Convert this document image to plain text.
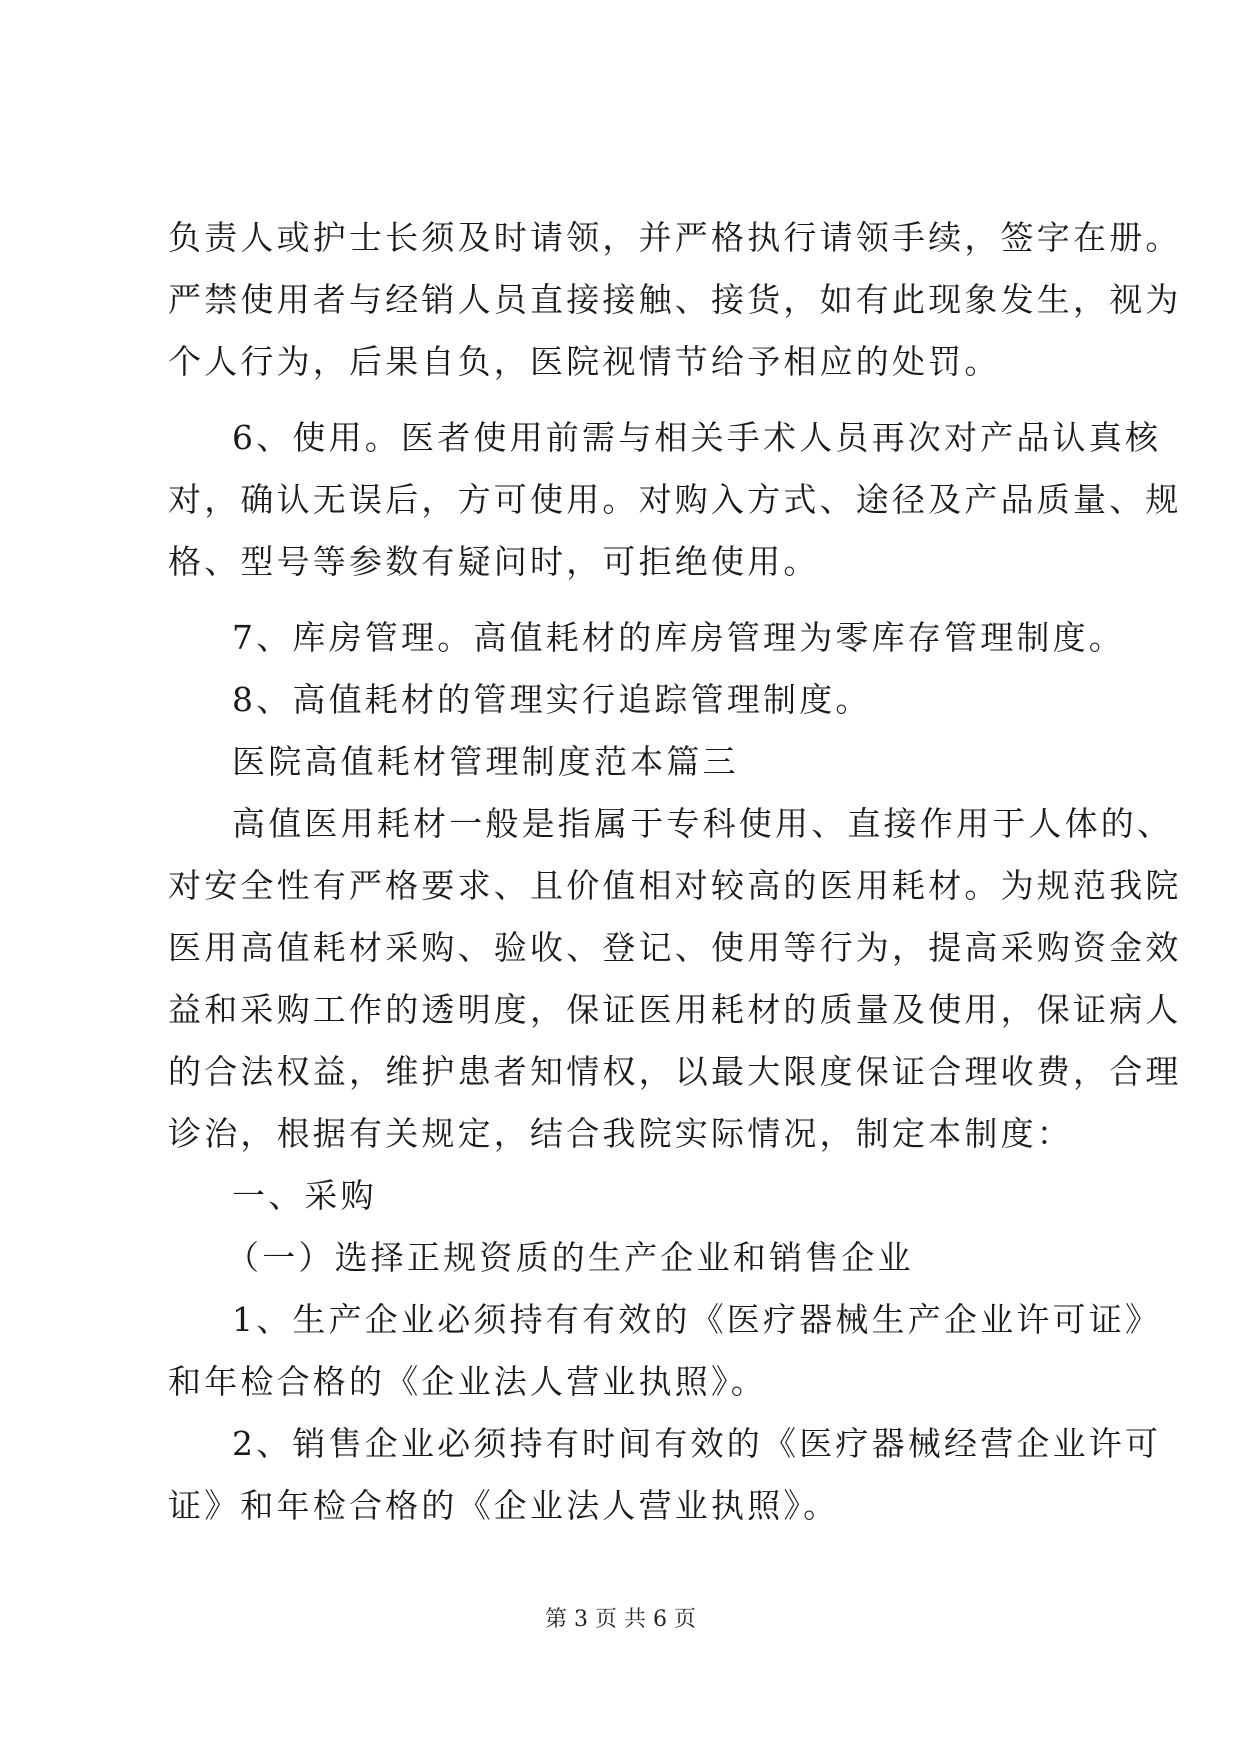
负责人或护士长须及时请领，并严格执行请领手续，签字在册。
严禁使用者与经销人员直接接触、接货，如有此现象发生，视为
个人行为，后果自负，医院视情节给予相应的处罚。
6、使用。医者使用前需与相关手术人员再次对产品认真核
对，确认无误后，方可使用。对购入方式、途径及产品质量、规
格、型号等参数有疑问时，可拒绝使用。
7、库房管理。高值耗材的库房管理为零库存管理制度。
8、高值耗材的管理实行追踪管理制度。
医院高值耗材管理制度范本篇三
高值医用耗材一般是指属于专科使用、直接作用于人体的、
对安全性有严格要求、且价值相对较高的医用耗材。为规范我院
医用高值耗材采购、验收、登记、使用等行为，提高采购资金效
益和采购工作的透明度，保证医用耗材的质量及使用，保证病人
的合法权益，维护患者知情权，以最大限度保证合理收费，合理
诊治，根据有关规定，结合我院实际情况，制定本制度：
一、采购
（一）选择正规资质的生产企业和销售企业
1、生产企业必须持有有效的《医疗器械生产企业许可证》
和年检合格的《企业法人营业执照》。
2、销售企业必须持有时间有效的《医疗器械经营企业许可
证》和年检合格的《企业法人营业执照》。
第 3 页 共 6 页
